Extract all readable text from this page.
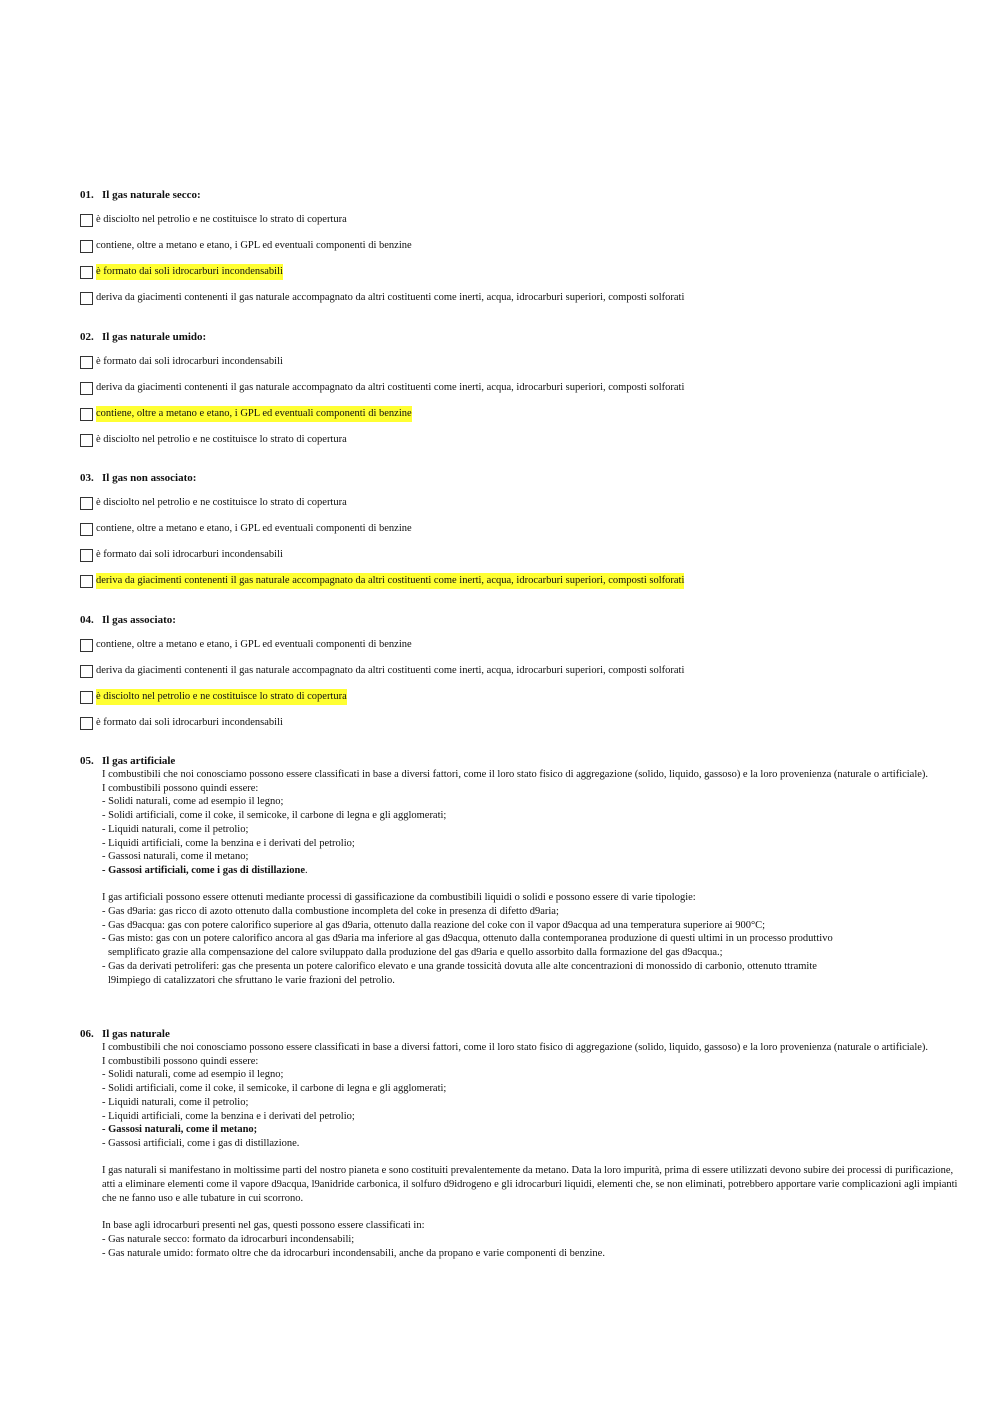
01. Il gas naturale secco:
è disciolto nel petrolio e ne costituisce lo strato di copertura
contiene, oltre a metano e etano, i GPL ed eventuali componenti di benzine
è formato dai soli idrocarburi incondensabili
deriva da giacimenti contenenti il gas naturale accompagnato da altri costituenti come inerti, acqua, idrocarburi superiori, composti solforati
02. Il gas naturale umido:
è formato dai soli idrocarburi incondensabili
deriva da giacimenti contenenti il gas naturale accompagnato da altri costituenti come inerti, acqua, idrocarburi superiori, composti solforati
contiene, oltre a metano e etano, i GPL ed eventuali componenti di benzine
è disciolto nel petrolio e ne costituisce lo strato di copertura
03. Il gas non associato:
è disciolto nel petrolio e ne costituisce lo strato di copertura
contiene, oltre a metano e etano, i GPL ed eventuali componenti di benzine
è formato dai soli idrocarburi incondensabili
deriva da giacimenti contenenti il gas naturale accompagnato da altri costituenti come inerti, acqua, idrocarburi superiori, composti solforati
04. Il gas associato:
contiene, oltre a metano e etano, i GPL ed eventuali componenti di benzine
deriva da giacimenti contenenti il gas naturale accompagnato da altri costituenti come inerti, acqua, idrocarburi superiori, composti solforati
è disciolto nel petrolio e ne costituisce lo strato di copertura
è formato dai soli idrocarburi incondensabili
05. Il gas artificiale

I combustibili che noi conosciamo possono essere classificati in base a diversi fattori, come il loro stato fisico di aggregazione (solido, liquido, gassoso) e la loro provenienza (naturale o artificiale).

I combustibili possono quindi essere:

- Solidi naturali, come ad esempio il legno;

- Solidi artificiali, come il coke, il semicoke, il carbone di legna e gli agglomerati;

- Liquidi naturali, come il petrolio;

- Liquidi artificiali, come la benzina e i derivati del petrolio;

- Gassosi naturali, come il metano;

- Gassosi artificiali, come i gas di distillazione.

I gas artificiali possono essere ottenuti mediante processi di gassificazione da combustibili liquidi o solidi e possono essere di varie tipologie:

- Gas d9aria: gas ricco di azoto ottenuto dalla combustione incompleta del coke in presenza di difetto d9aria;

- Gas d9acqua: gas con potere calorifico superiore al gas d9aria, ottenuto dalla reazione del coke con il vapor d9acqua ad una temperatura superiore ai 900°C;

- Gas misto: gas con un potere calorifico ancora al gas d9aria ma inferiore al gas d9acqua, ottenuto dalla contemporanea produzione di questi ultimi in un processo produttivo

semplificato grazie alla compensazione del calore sviluppato dalla produzione del gas d9aria e quello assorbito dalla formazione del gas d9acqua.;

- Gas da derivati petroliferi: gas che presenta un potere calorifico elevato e una grande tossicità dovuta alle alte concentrazioni di monossido di carbonio, ottenuto ttramite

l9impiego di catalizzatori che sfruttano le varie frazioni del petrolio.

06. Il gas naturale

I combustibili che noi conosciamo possono essere classificati in base a diversi fattori, come il loro stato fisico di aggregazione (solido, liquido, gassoso) e la loro provenienza (naturale o artificiale).

I combustibili possono quindi essere:

- Solidi naturali, come ad esempio il legno;

- Solidi artificiali, come il coke, il semicoke, il carbone di legna e gli agglomerati;

- Liquidi naturali, come il petrolio;

- Liquidi artificiali, come la benzina e i derivati del petrolio;

- Gassosi naturali, come il metano;

- Gassosi artificiali, come i gas di distillazione.

I gas naturali si manifestano in moltissime parti del nostro pianeta e sono costituiti prevalentemente da metano. Data la loro impurità, prima di essere utilizzati devono subire dei processi di purificazione, atti a eliminare elementi come il vapore d9acqua, l9anidride carbonica, il solfuro d9idrogeno e gli idrocarburi liquidi, elementi che, se non eliminati, potrebbero apportare varie complicazioni agli impianti che ne fanno uso e alle tubature in cui scorrono.

In base agli idrocarburi presenti nel gas, questi possono essere classificati in:

- Gas naturale secco: formato da idrocarburi incondensabili;

- Gas naturale umido: formato oltre che da idrocarburi incondensabili, anche da propano e varie componenti di benzine.
